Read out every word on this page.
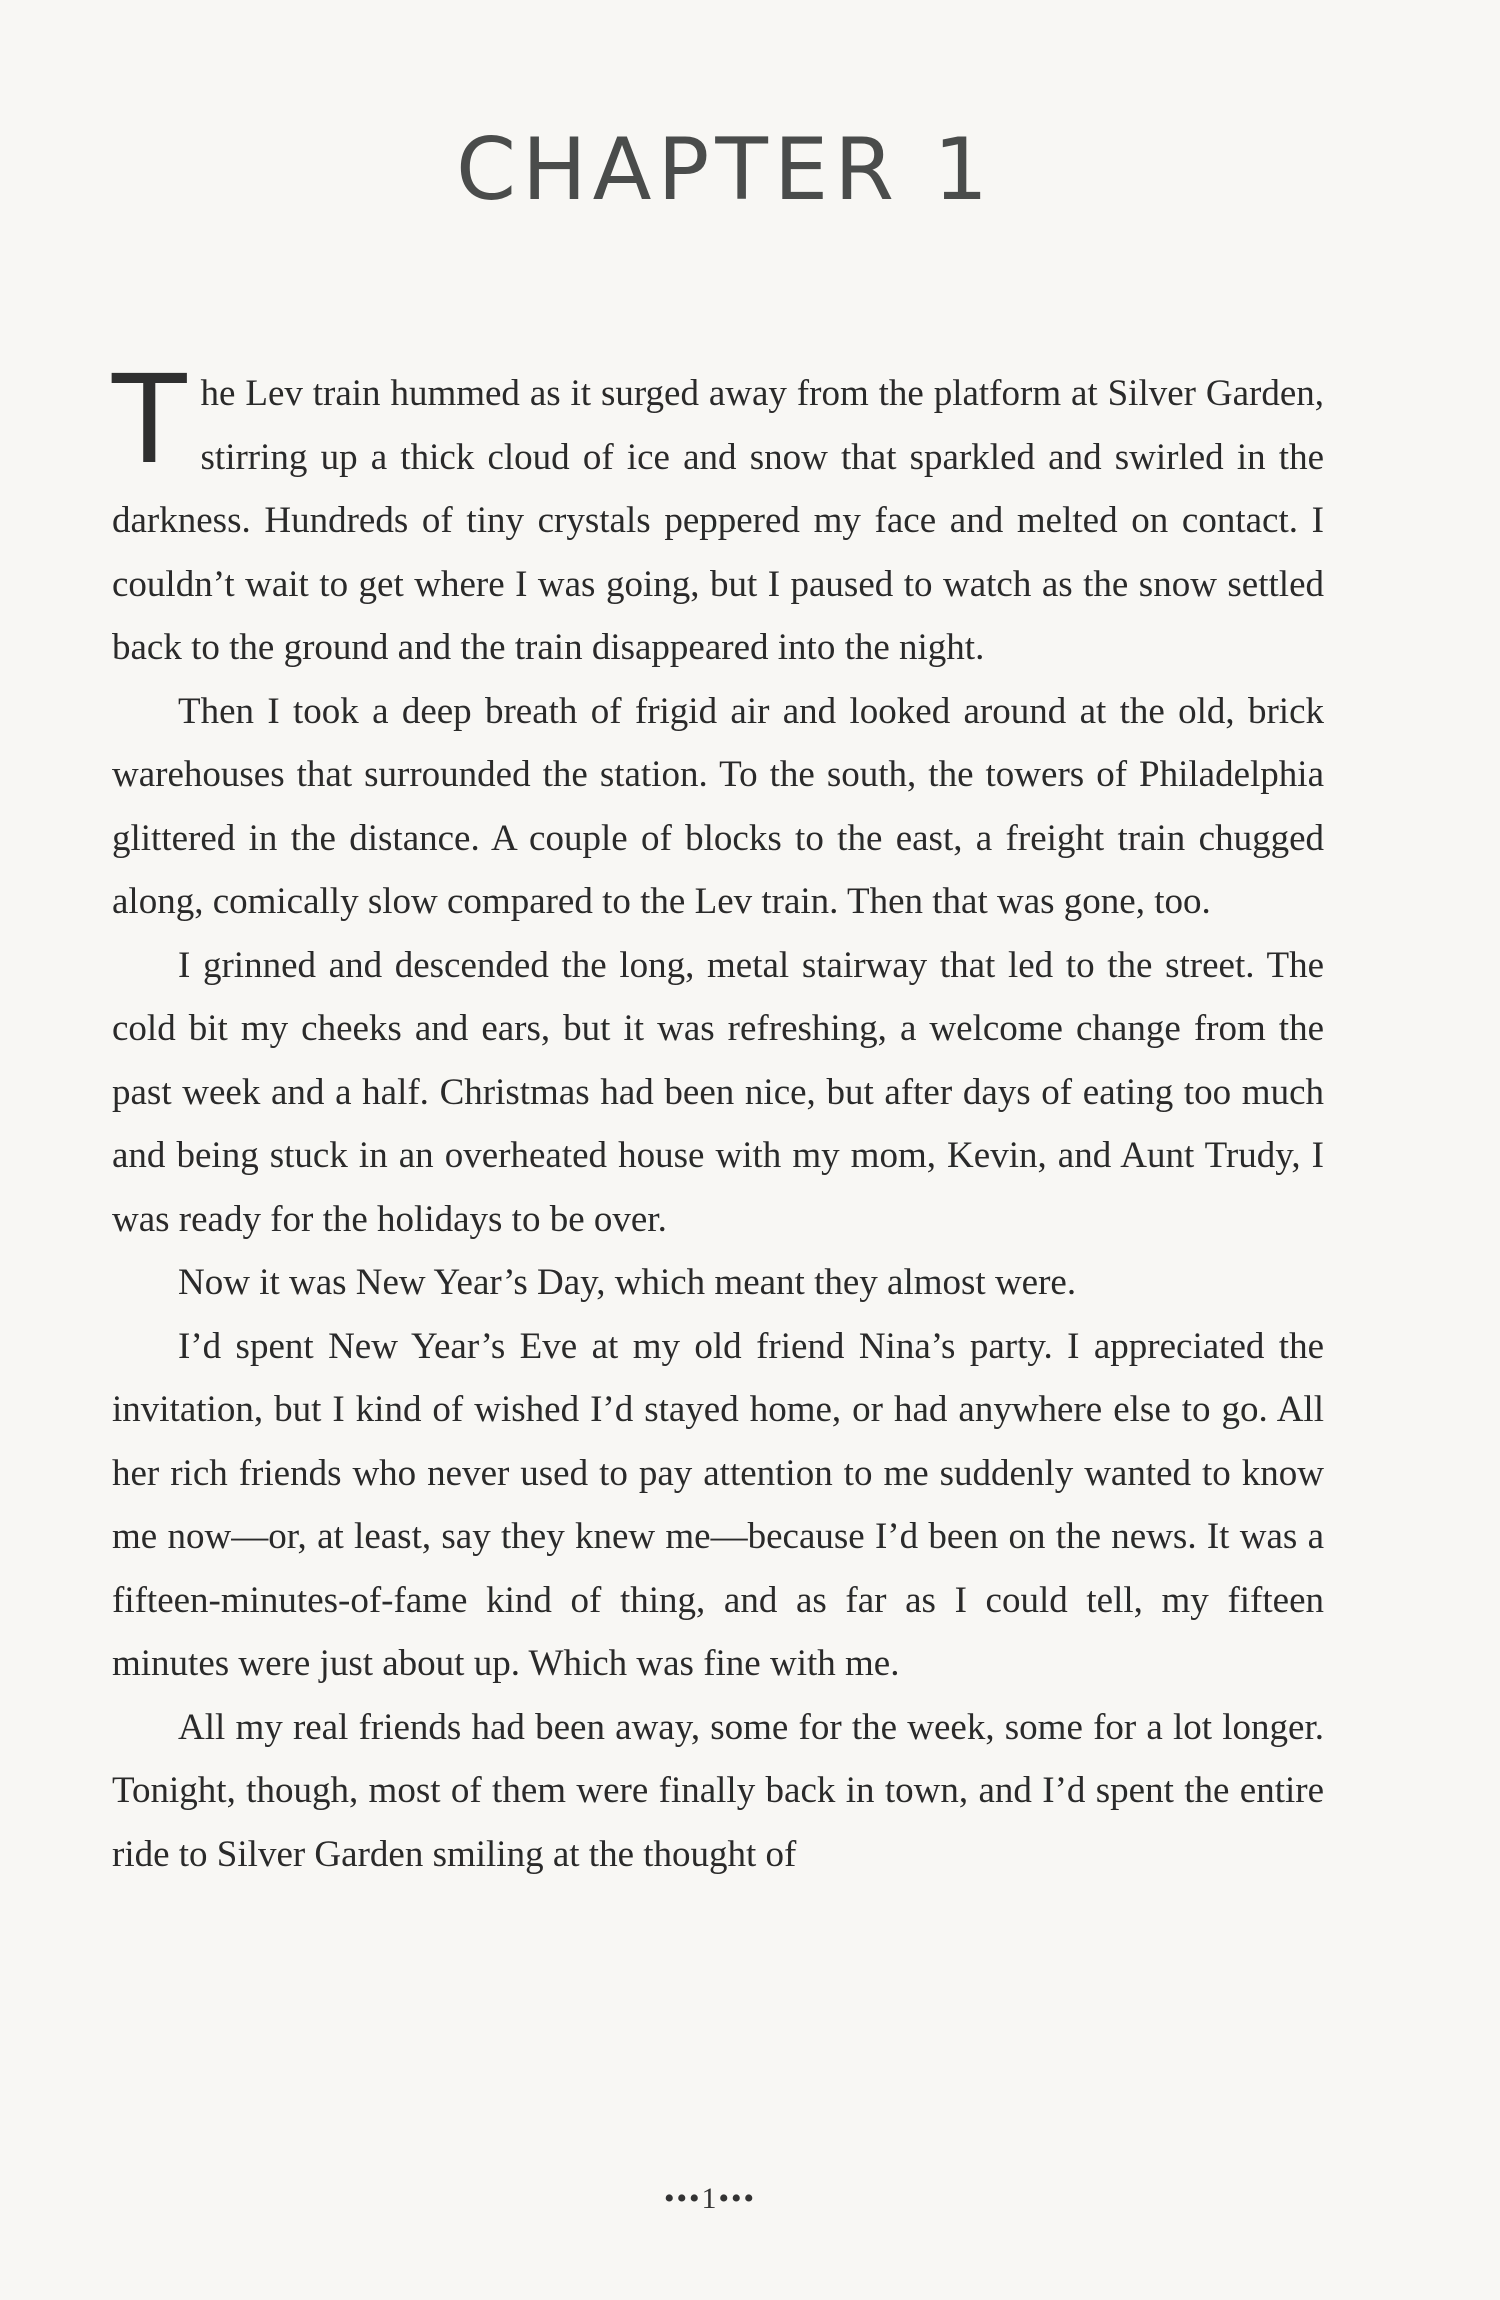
CHAPTER 1

The Lev train hummed as it surged away from the platform at Silver Garden, stirring up a thick cloud of ice and snow that sparkled and swirled in the darkness. Hundreds of tiny crystals peppered my face and melted on contact. I couldn’t wait to get where I was going, but I paused to watch as the snow settled back to the ground and the train disappeared into the night.

Then I took a deep breath of frigid air and looked around at the old, brick warehouses that surrounded the station. To the south, the towers of Philadelphia glittered in the distance. A couple of blocks to the east, a freight train chugged along, comically slow compared to the Lev train. Then that was gone, too.

I grinned and descended the long, metal stairway that led to the street. The cold bit my cheeks and ears, but it was refreshing, a welcome change from the past week and a half. Christmas had been nice, but after days of eating too much and being stuck in an overheated house with my mom, Kevin, and Aunt Trudy, I was ready for the holidays to be over.

Now it was New Year’s Day, which meant they almost were.

I’d spent New Year’s Eve at my old friend Nina’s party. I appreciated the invitation, but I kind of wished I’d stayed home, or had anywhere else to go. All her rich friends who never used to pay attention to me suddenly wanted to know me now—or, at least, say they knew me—because I’d been on the news. It was a fifteen-minutes-of-fame kind of thing, and as far as I could tell, my fifteen minutes were just about up. Which was fine with me.

All my real friends had been away, some for the week, some for a lot longer. Tonight, though, most of them were finally back in town, and I’d spent the entire ride to Silver Garden smiling at the thought of

•••1•••
